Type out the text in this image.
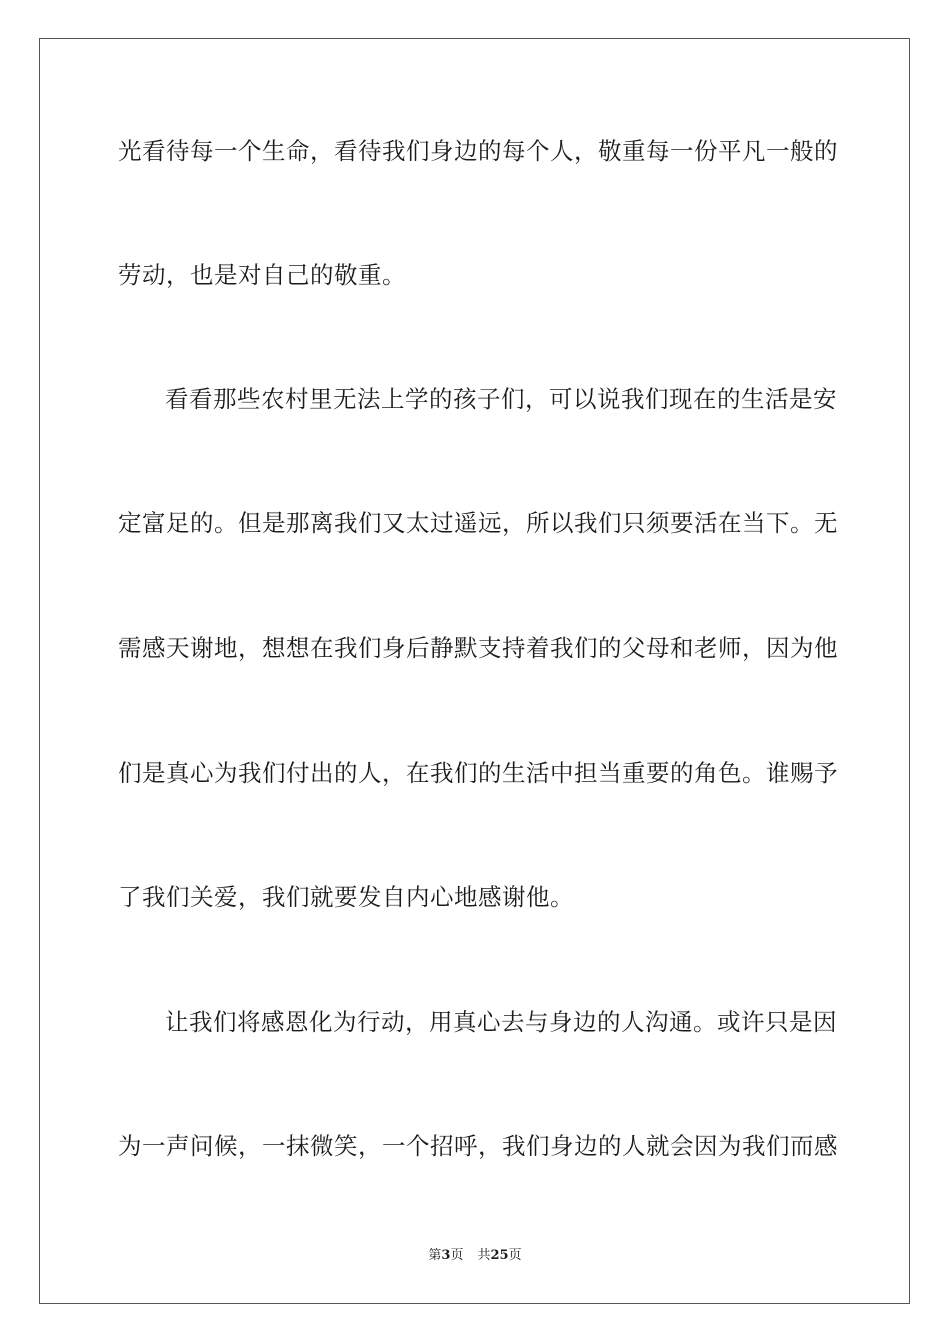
光看待每一个生命，看待我们身边的每个人，敬重每一份平凡一般的
劳动，也是对自己的敬重。
看看那些农村里无法上学的孩子们，可以说我们现在的生活是安
定富足的。但是那离我们又太过遥远，所以我们只须要活在当下。无
需感天谢地，想想在我们身后静默支持着我们的父母和老师，因为他
们是真心为我们付出的人，在我们的生活中担当重要的角色。谁赐予
了我们关爱，我们就要发自内心地感谢他。
让我们将感恩化为行动，用真心去与身边的人沟通。或许只是因
为一声问候，一抹微笑，一个招呼，我们身边的人就会因为我们而感
第3页 共25页
